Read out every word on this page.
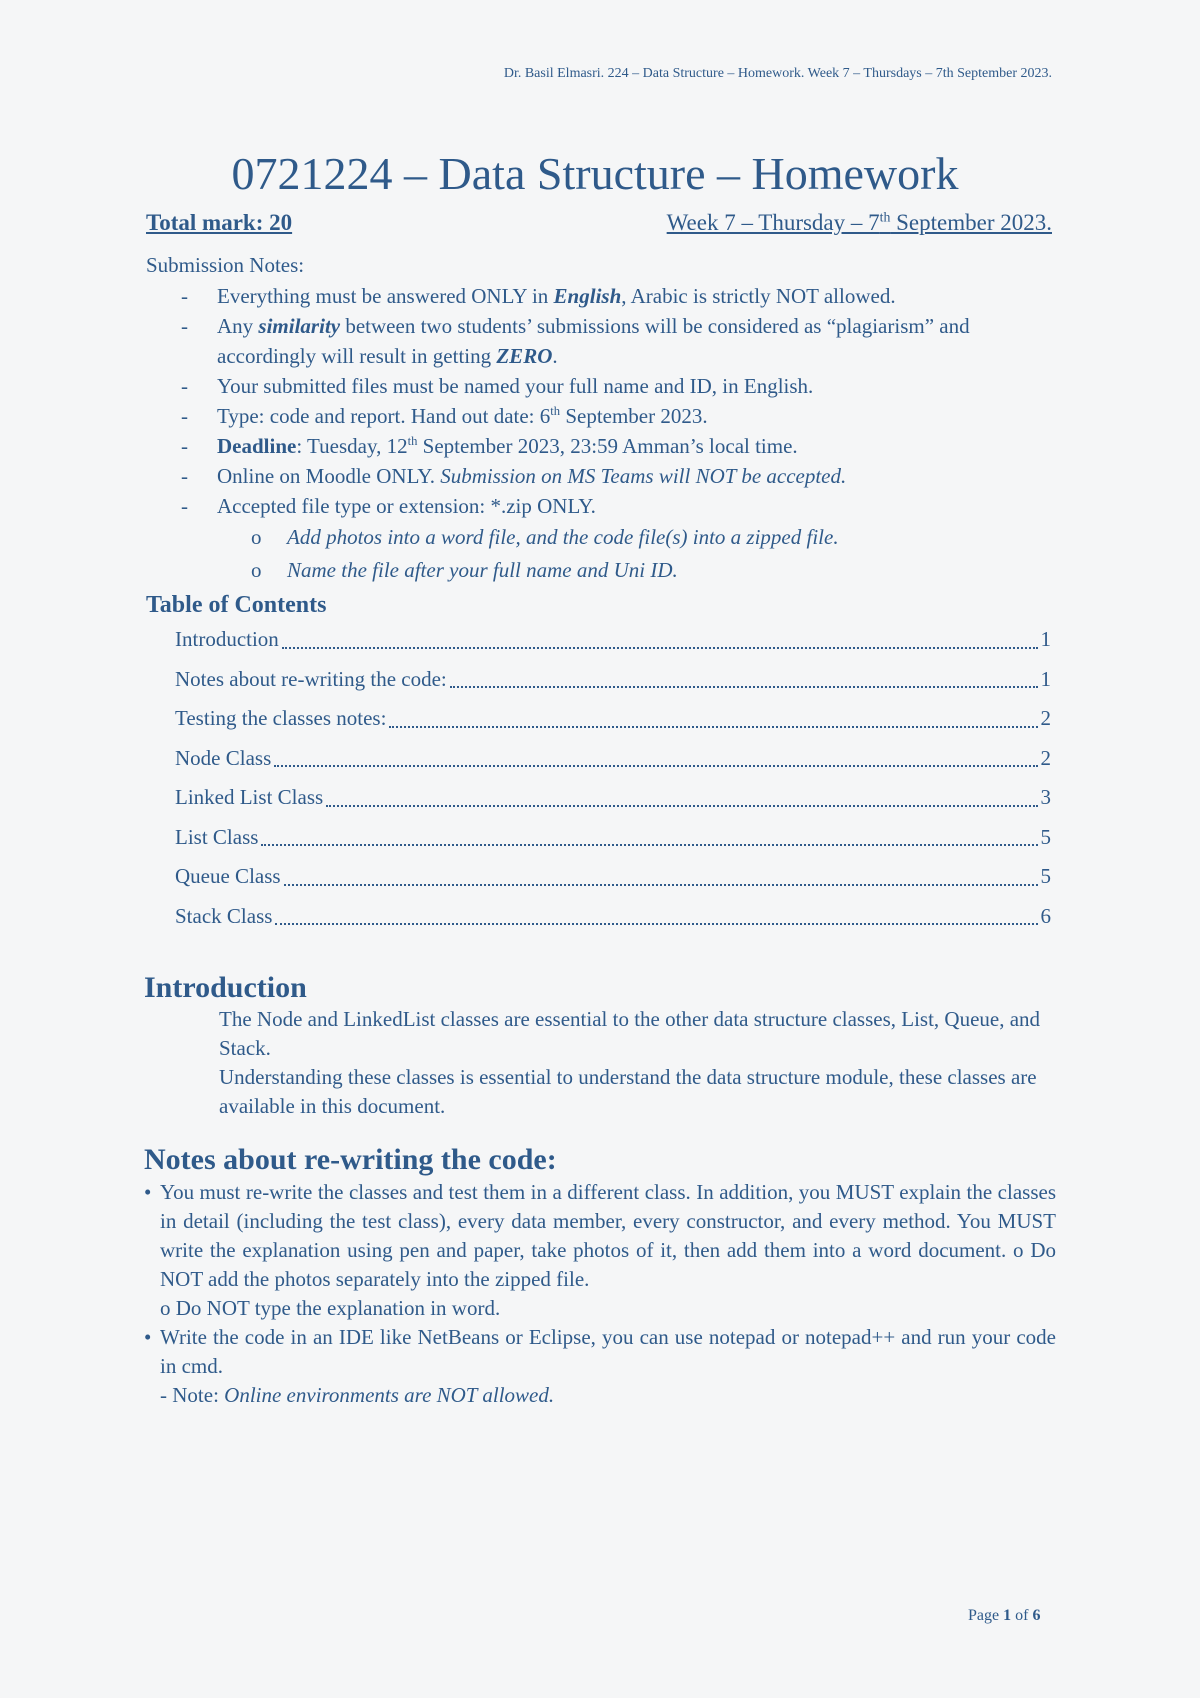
Dr. Basil Elmasri. 224 – Data Structure – Homework. Week 7 – Thursdays – 7th September 2023.
0721224 – Data Structure – Homework
Total mark: 20	Week 7 – Thursday – 7th September 2023.
Submission Notes:
- Everything must be answered ONLY in English, Arabic is strictly NOT allowed.
- Any similarity between two students’ submissions will be considered as “plagiarism” and accordingly will result in getting ZERO.
- Your submitted files must be named your full name and ID, in English.
- Type: code and report. Hand out date: 6th September 2023.
- Deadline: Tuesday, 12th September 2023, 23:59 Amman’s local time.
- Online on Moodle ONLY. Submission on MS Teams will NOT be accepted.
- Accepted file type or extension: *.zip ONLY.
o Add photos into a word file, and the code file(s) into a zipped file.
o Name the file after your full name and Uni ID.
Table of Contents
Introduction	1
Notes about re-writing the code:	1
Testing the classes notes:	2
Node Class	2
Linked List Class	3
List Class	5
Queue Class	5
Stack Class	6
Introduction

The Node and LinkedList classes are essential to the other data structure classes, List, Queue, and Stack.

Understanding these classes is essential to understand the data structure module, these classes are available in this document.

Notes about re-writing the code:
• You must re-write the classes and test them in a different class. In addition, you MUST explain the classes in detail (including the test class), every data member, every constructor, and every method. You MUST write the explanation using pen and paper, take photos of it, then add them into a word document. o Do NOT add the photos separately into the zipped file.
o Do NOT type the explanation in word.
• Write the code in an IDE like NetBeans or Eclipse, you can use notepad or notepad++ and run your code in cmd.
- Note: Online environments are NOT allowed.
Page 1 of 6
